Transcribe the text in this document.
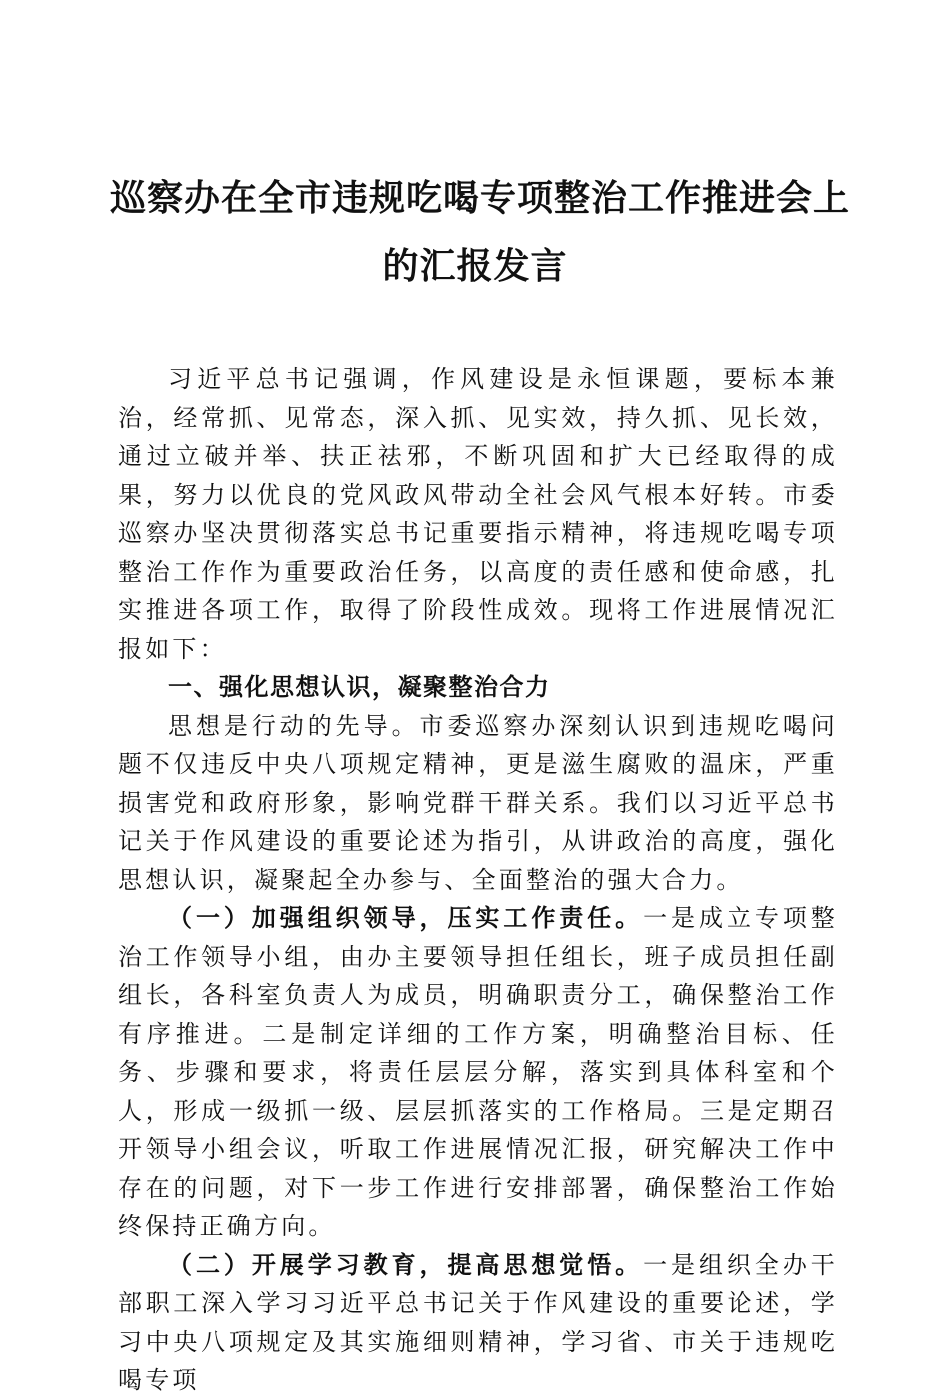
巡察办在全市违规吃喝专项整治工作推进会上
的汇报发言

习近平总书记强调，作风建设是永恒课题，要标本兼治，经常抓、见常态，深入抓、见实效，持久抓、见长效，通过立破并举、扶正祛邪，不断巩固和扩大已经取得的成果，努力以优良的党风政风带动全社会风气根本好转。市委巡察办坚决贯彻落实总书记重要指示精神，将违规吃喝专项整治工作作为重要政治任务，以高度的责任感和使命感，扎实推进各项工作，取得了阶段性成效。现将工作进展情况汇报如下：

一、强化思想认识，凝聚整治合力

思想是行动的先导。市委巡察办深刻认识到违规吃喝问题不仅违反中央八项规定精神，更是滋生腐败的温床，严重损害党和政府形象，影响党群干群关系。我们以习近平总书记关于作风建设的重要论述为指引，从讲政治的高度，强化思想认识，凝聚起全办参与、全面整治的强大合力。

（一）加强组织领导，压实工作责任。一是成立专项整治工作领导小组，由办主要领导担任组长，班子成员担任副组长，各科室负责人为成员，明确职责分工，确保整治工作有序推进。二是制定详细的工作方案，明确整治目标、任务、步骤和要求，将责任层层分解，落实到具体科室和个人，形成一级抓一级、层层抓落实的工作格局。三是定期召开领导小组会议，听取工作进展情况汇报，研究解决工作中存在的问题，对下一步工作进行安排部署，确保整治工作始终保持正确方向。

（二）开展学习教育，提高思想觉悟。一是组织全办干部职工深入学习习近平总书记关于作风建设的重要论述，学习中央八项规定及其实施细则精神，学习省、市关于违规吃喝专项
